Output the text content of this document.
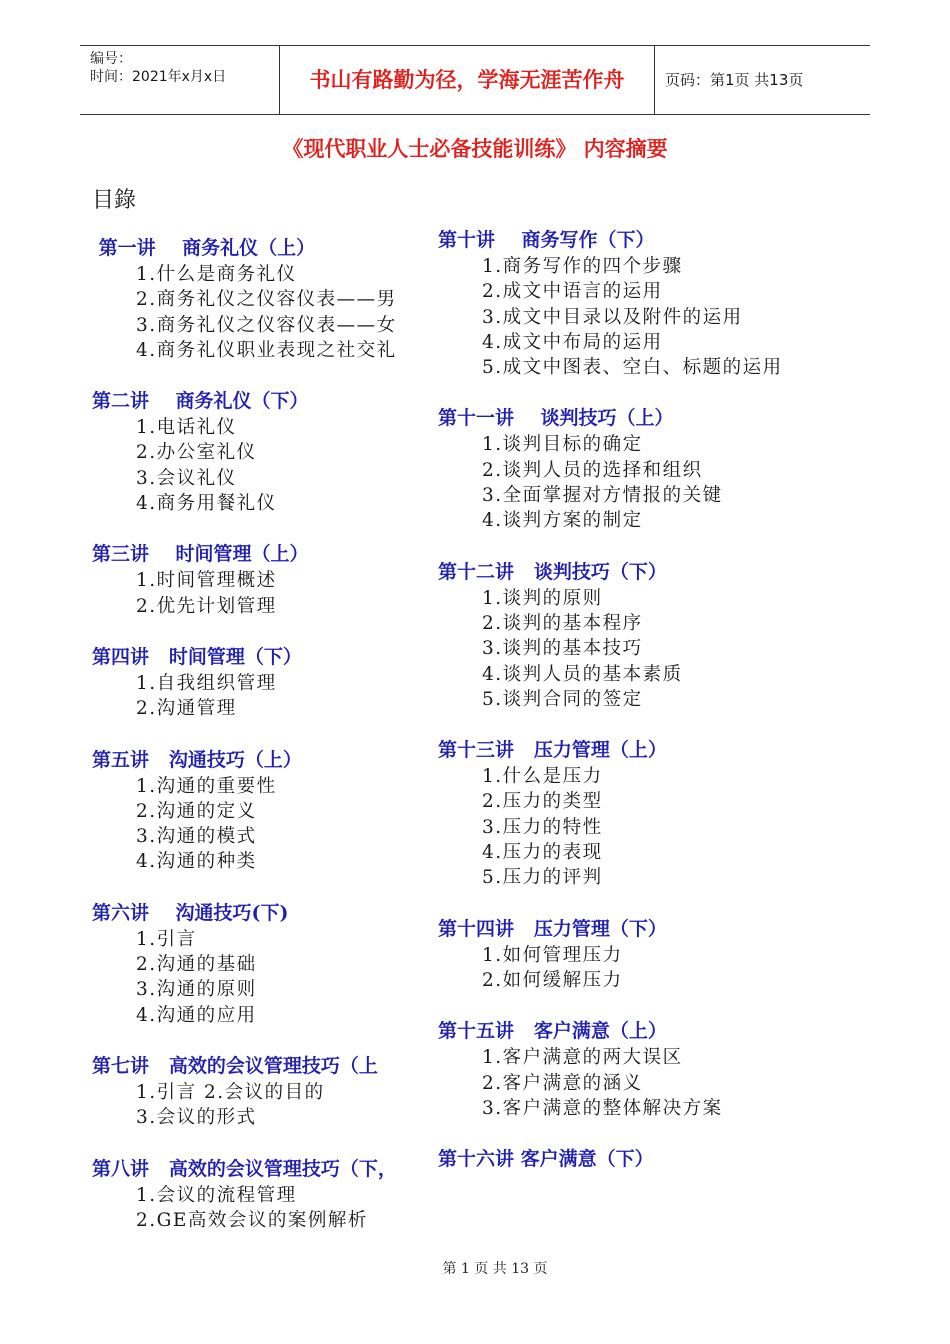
编号：
时间：2021年x月x日	书山有路勤为径，学海无涯苦作舟	页码：第1页 共13页
《现代职业人士必备技能训练》 内容摘要
目錄
第一讲    商务礼仪（上）
1.什么是商务礼仪
2.商务礼仪之仪容仪表——男
3.商务礼仪之仪容仪表——女
4.商务礼仪职业表现之社交礼
第二讲    商务礼仪（下）
1.电话礼仪
2.办公室礼仪
3.会议礼仪
4.商务用餐礼仪
第三讲    时间管理（上）
1.时间管理概述
2.优先计划管理
第四讲   时间管理（下）
1.自我组织管理
2.沟通管理
第五讲   沟通技巧（上）
1.沟通的重要性
2.沟通的定义
3.沟通的模式
4.沟通的种类
第六讲    沟通技巧(下)
1.引言
2.沟通的基础
3.沟通的原则
4.沟通的应用
第七讲   高效的会议管理技巧（上
1.引言 2.会议的目的
3.会议的形式
第八讲   高效的会议管理技巧（下，
1.会议的流程管理
2.GE高效会议的案例解析
第十讲    商务写作（下）
1.商务写作的四个步骤
2.成文中语言的运用
3.成文中目录以及附件的运用
4.成文中布局的运用
5.成文中图表、空白、标题的运用
第十一讲    谈判技巧（上）
1.谈判目标的确定
2.谈判人员的选择和组织
3.全面掌握对方情报的关键
4.谈判方案的制定
第十二讲   谈判技巧（下）
1.谈判的原则
2.谈判的基本程序
3.谈判的基本技巧
4.谈判人员的基本素质
5.谈判合同的签定
第十三讲   压力管理（上）
1.什么是压力
2.压力的类型
3.压力的特性
4.压力的表现
5.压力的评判
第十四讲   压力管理（下）
1.如何管理压力
2.如何缓解压力
第十五讲   客户满意（上）
1.客户满意的两大误区
2.客户满意的涵义
3.客户满意的整体解决方案
第十六讲 客户满意（下）
第 1 页 共 13 页
